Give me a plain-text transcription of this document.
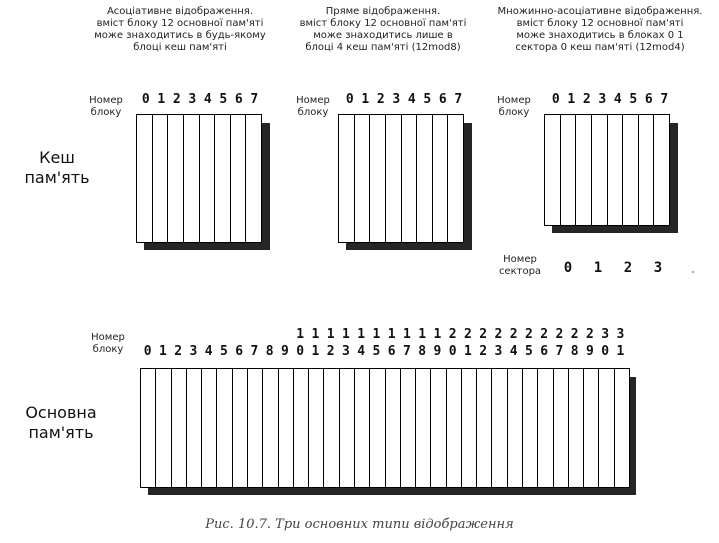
Асоціативне відображення.
вміст блоку 12 основної пам'яті
може знаходитись в будь-якому
блоці кеш пам'яті
Пряме відображення.
вміст блоку 12 основної пам'яті
може знаходитись лише в
блоці 4 кеш пам'яті (12mod8)
Множинно-асоціативне відображення.
вміст блоку 12 основної пам'яті
може знаходитись в блоках 0 1
сектора 0 кеш пам'яті (12mod4)
Кеш
пам'ять
Номер
блоку
0 1 2 3 4 5 6 7	Номер
блоку
0 1 2 3 4 5 6 7	Номер
блоку
0 1 2 3 4 5 6 7
Номер
сектора	0	1	2	3
Основна
пам'ять
Номер
блоку
1 1 1 1 1 1 1 1 1 1 2 2 2 2 2 2 2 2 2 2 3 3
0 1 2 3 4 5 6 7 8 9 0 1 2 3 4 5 6 7 8 9 0 1 2 3 4 5 6 7 8 9 0 1
Рис. 10.7. Три основних типи відображення
